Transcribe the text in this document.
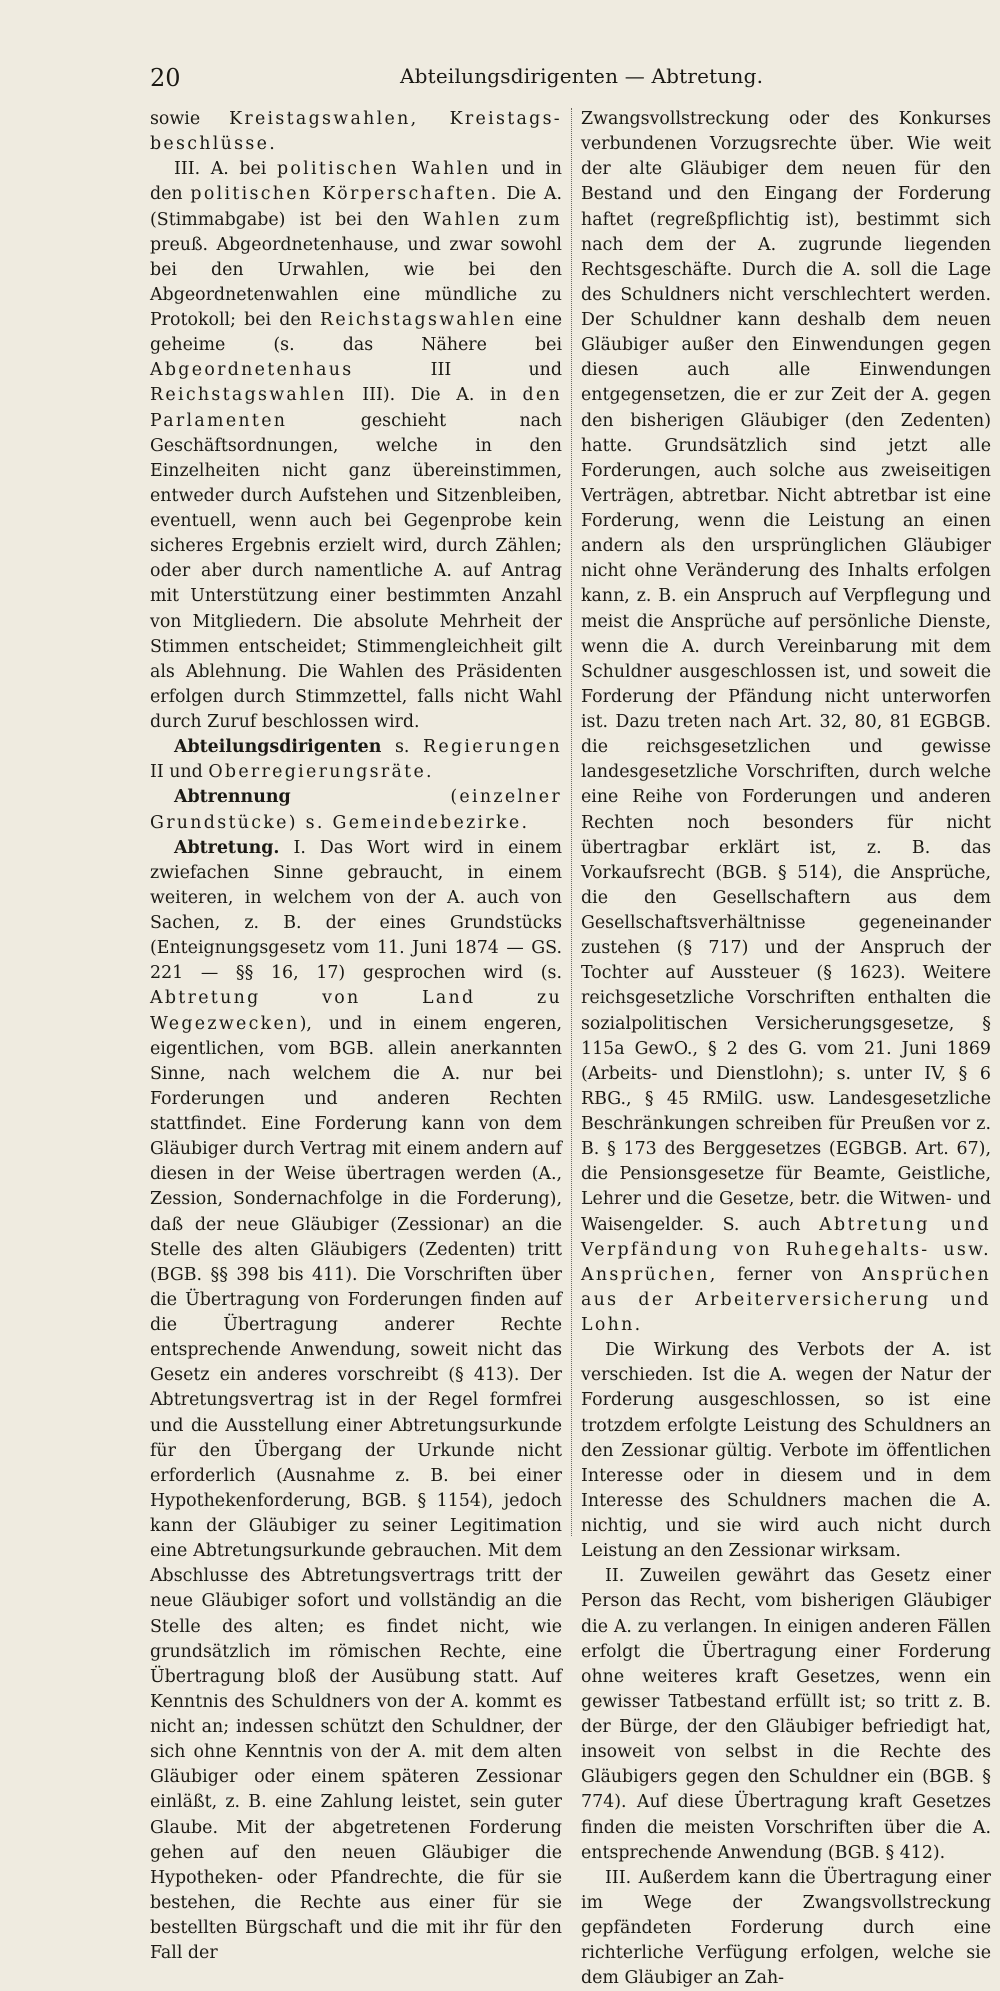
20	Abteilungsdirigenten — Abtretung.

sowie Kreistagswahlen, Kreistags-beschlüsse.

III. A. bei politischen Wahlen und in den politischen Körperschaften. Die A. (Stimmabgabe) ist bei den Wahlen zum preuß. Abgeordnetenhause, und zwar sowohl bei den Urwahlen, wie bei den Abgeordnetenwahlen eine mündliche zu Protokoll; bei den Reichstagswahlen eine geheime (s. das Nähere bei Abgeordnetenhaus III und Reichstagswahlen III). Die A. in den Parlamenten geschieht nach Geschäftsordnungen, welche in den Einzelheiten nicht ganz übereinstimmen, entweder durch Aufstehen und Sitzenbleiben, eventuell, wenn auch bei Gegenprobe kein sicheres Ergebnis erzielt wird, durch Zählen; oder aber durch namentliche A. auf Antrag mit Unterstützung einer bestimmten Anzahl von Mitgliedern. Die absolute Mehrheit der Stimmen entscheidet; Stimmengleichheit gilt als Ablehnung. Die Wahlen des Präsidenten erfolgen durch Stimmzettel, falls nicht Wahl durch Zuruf beschlossen wird.

Abteilungsdirigenten s. Regierungen II und Oberregierungsräte.

Abtrennung (einzelner Grundstücke) s. Gemeindebezirke.

Abtretung. I. Das Wort wird in einem zwiefachen Sinne gebraucht, in einem weiteren, in welchem von der A. auch von Sachen, z. B. der eines Grundstücks (Enteignungsgesetz vom 11. Juni 1874 — GS. 221 — §§ 16, 17) gesprochen wird (s. Abtretung von Land zu Wegezwecken), und in einem engeren, eigentlichen, vom BGB. allein anerkannten Sinne, nach welchem die A. nur bei Forderungen und anderen Rechten stattfindet. Eine Forderung kann von dem Gläubiger durch Vertrag mit einem andern auf diesen in der Weise übertragen werden (A., Zession, Sondernachfolge in die Forderung), daß der neue Gläubiger (Zessionar) an die Stelle des alten Gläubigers (Zedenten) tritt (BGB. §§ 398 bis 411). Die Vorschriften über die Übertragung von Forderungen finden auf die Übertragung anderer Rechte entsprechende Anwendung, soweit nicht das Gesetz ein anderes vorschreibt (§ 413). Der Abtretungsvertrag ist in der Regel formfrei und die Ausstellung einer Abtretungsurkunde für den Übergang der Urkunde nicht erforderlich (Ausnahme z. B. bei einer Hypothekenforderung, BGB. § 1154), jedoch kann der Gläubiger zu seiner Legitimation eine Abtretungsurkunde gebrauchen. Mit dem Abschlusse des Abtretungsvertrags tritt der neue Gläubiger sofort und vollständig an die Stelle des alten; es findet nicht, wie grundsätzlich im römischen Rechte, eine Übertragung bloß der Ausübung statt. Auf Kenntnis des Schuldners von der A. kommt es nicht an; indessen schützt den Schuldner, der sich ohne Kenntnis von der A. mit dem alten Gläubiger oder einem späteren Zessionar einläßt, z. B. eine Zahlung leistet, sein guter Glaube. Mit der abgetretenen Forderung gehen auf den neuen Gläubiger die Hypotheken- oder Pfandrechte, die für sie bestehen, die Rechte aus einer für sie bestellten Bürgschaft und die mit ihr für den Fall der

Zwangsvollstreckung oder des Konkurses verbundenen Vorzugsrechte über. Wie weit der alte Gläubiger dem neuen für den Bestand und den Eingang der Forderung haftet (regreßpflichtig ist), bestimmt sich nach dem der A. zugrunde liegenden Rechtsgeschäfte. Durch die A. soll die Lage des Schuldners nicht verschlechtert werden. Der Schuldner kann deshalb dem neuen Gläubiger außer den Einwendungen gegen diesen auch alle Einwendungen entgegensetzen, die er zur Zeit der A. gegen den bisherigen Gläubiger (den Zedenten) hatte. Grundsätzlich sind jetzt alle Forderungen, auch solche aus zweiseitigen Verträgen, abtretbar. Nicht abtretbar ist eine Forderung, wenn die Leistung an einen andern als den ursprünglichen Gläubiger nicht ohne Veränderung des Inhalts erfolgen kann, z. B. ein Anspruch auf Verpflegung und meist die Ansprüche auf persönliche Dienste, wenn die A. durch Vereinbarung mit dem Schuldner ausgeschlossen ist, und soweit die Forderung der Pfändung nicht unterworfen ist. Dazu treten nach Art. 32, 80, 81 EGBGB. die reichsgesetzlichen und gewisse landesgesetzliche Vorschriften, durch welche eine Reihe von Forderungen und anderen Rechten noch besonders für nicht übertragbar erklärt ist, z. B. das Vorkaufsrecht (BGB. § 514), die Ansprüche, die den Gesellschaftern aus dem Gesellschaftsverhältnisse gegeneinander zustehen (§ 717) und der Anspruch der Tochter auf Aussteuer (§ 1623). Weitere reichsgesetzliche Vorschriften enthalten die sozialpolitischen Versicherungsgesetze, § 115a GewO., § 2 des G. vom 21. Juni 1869 (Arbeits- und Dienstlohn); s. unter IV, § 6 RBG., § 45 RMilG. usw. Landesgesetzliche Beschränkungen schreiben für Preußen vor z. B. § 173 des Berggesetzes (EGBGB. Art. 67), die Pensionsgesetze für Beamte, Geistliche, Lehrer und die Gesetze, betr. die Witwen- und Waisengelder. S. auch Abtretung und Verpfändung von Ruhegehalts- usw. Ansprüchen, ferner von Ansprüchen aus der Arbeiterversicherung und Lohn.

Die Wirkung des Verbots der A. ist verschieden. Ist die A. wegen der Natur der Forderung ausgeschlossen, so ist eine trotzdem erfolgte Leistung des Schuldners an den Zessionar gültig. Verbote im öffentlichen Interesse oder in diesem und in dem Interesse des Schuldners machen die A. nichtig, und sie wird auch nicht durch Leistung an den Zessionar wirksam.

II. Zuweilen gewährt das Gesetz einer Person das Recht, vom bisherigen Gläubiger die A. zu verlangen. In einigen anderen Fällen erfolgt die Übertragung einer Forderung ohne weiteres kraft Gesetzes, wenn ein gewisser Tatbestand erfüllt ist; so tritt z. B. der Bürge, der den Gläubiger befriedigt hat, insoweit von selbst in die Rechte des Gläubigers gegen den Schuldner ein (BGB. § 774). Auf diese Übertragung kraft Gesetzes finden die meisten Vorschriften über die A. entsprechende Anwendung (BGB. § 412).

III. Außerdem kann die Übertragung einer im Wege der Zwangsvollstreckung gepfändeten Forderung durch eine richterliche Verfügung erfolgen, welche sie dem Gläubiger an Zah-
